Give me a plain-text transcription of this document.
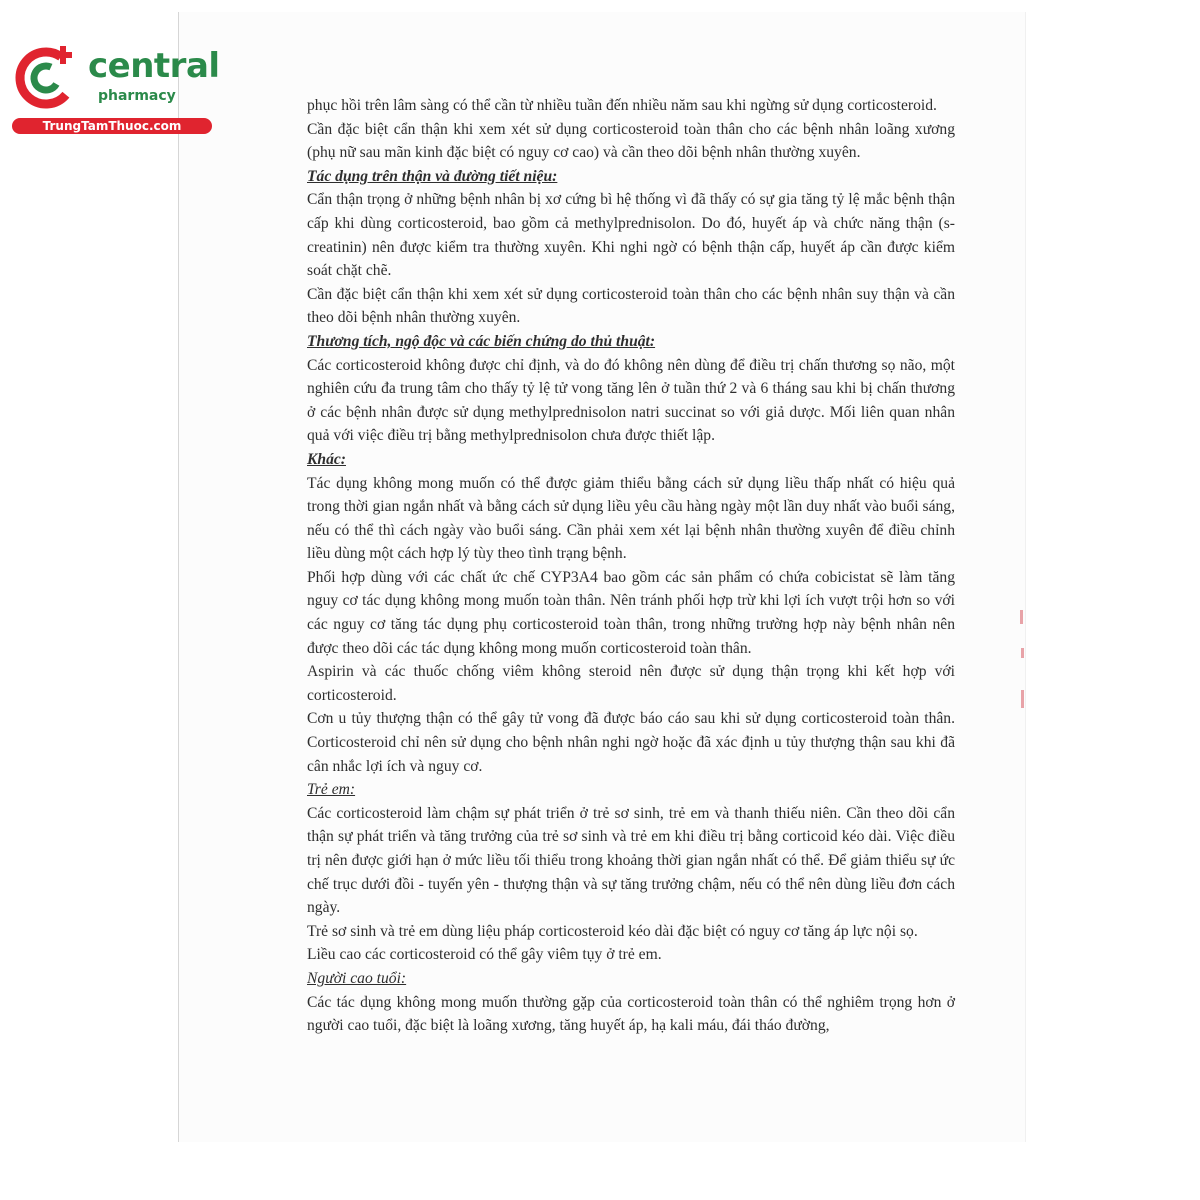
central
pharmacy
TrungTamThuoc.com

phục hồi trên lâm sàng có thể cần từ nhiều tuần đến nhiều năm sau khi ngừng sử dụng corticosteroid.

Cần đặc biệt cẩn thận khi xem xét sử dụng corticosteroid toàn thân cho các bệnh nhân loãng xương (phụ nữ sau mãn kinh đặc biệt có nguy cơ cao) và cần theo dõi bệnh nhân thường xuyên.

Tác dụng trên thận và đường tiết niệu:

Cẩn thận trọng ở những bệnh nhân bị xơ cứng bì hệ thống vì đã thấy có sự gia tăng tỷ lệ mắc bệnh thận cấp khi dùng corticosteroid, bao gồm cả methylprednisolon. Do đó, huyết áp và chức năng thận (s-creatinin) nên được kiểm tra thường xuyên. Khi nghi ngờ có bệnh thận cấp, huyết áp cần được kiểm soát chặt chẽ.

Cần đặc biệt cẩn thận khi xem xét sử dụng corticosteroid toàn thân cho các bệnh nhân suy thận và cần theo dõi bệnh nhân thường xuyên.

Thương tích, ngộ độc và các biến chứng do thủ thuật:

Các corticosteroid không được chỉ định, và do đó không nên dùng để điều trị chấn thương sọ não, một nghiên cứu đa trung tâm cho thấy tỷ lệ tử vong tăng lên ở tuần thứ 2 và 6 tháng sau khi bị chấn thương ở các bệnh nhân được sử dụng methylprednisolon natri succinat so với giả dược. Mối liên quan nhân quả với việc điều trị bằng methylprednisolon chưa được thiết lập.

Khác:

Tác dụng không mong muốn có thể được giảm thiểu bằng cách sử dụng liều thấp nhất có hiệu quả trong thời gian ngắn nhất và bằng cách sử dụng liều yêu cầu hàng ngày một lần duy nhất vào buổi sáng, nếu có thể thì cách ngày vào buổi sáng. Cần phải xem xét lại bệnh nhân thường xuyên để điều chỉnh liều dùng một cách hợp lý tùy theo tình trạng bệnh.

Phối hợp dùng với các chất ức chế CYP3A4 bao gồm các sản phẩm có chứa cobicistat sẽ làm tăng nguy cơ tác dụng không mong muốn toàn thân. Nên tránh phối hợp trừ khi lợi ích vượt trội hơn so với các nguy cơ tăng tác dụng phụ corticosteroid toàn thân, trong những trường hợp này bệnh nhân nên được theo dõi các tác dụng không mong muốn corticosteroid toàn thân.

Aspirin và các thuốc chống viêm không steroid nên được sử dụng thận trọng khi kết hợp với corticosteroid.

Cơn u tủy thượng thận có thể gây tử vong đã được báo cáo sau khi sử dụng corticosteroid toàn thân. Corticosteroid chỉ nên sử dụng cho bệnh nhân nghi ngờ hoặc đã xác định u tủy thượng thận sau khi đã cân nhắc lợi ích và nguy cơ.

Trẻ em:

Các corticosteroid làm chậm sự phát triển ở trẻ sơ sinh, trẻ em và thanh thiếu niên. Cần theo dõi cẩn thận sự phát triển và tăng trưởng của trẻ sơ sinh và trẻ em khi điều trị bằng corticoid kéo dài. Việc điều trị nên được giới hạn ở mức liều tối thiểu trong khoảng thời gian ngắn nhất có thể. Để giảm thiểu sự ức chế trục dưới đồi - tuyến yên - thượng thận và sự tăng trưởng chậm, nếu có thể nên dùng liều đơn cách ngày.

Trẻ sơ sinh và trẻ em dùng liệu pháp corticosteroid kéo dài đặc biệt có nguy cơ tăng áp lực nội sọ.

Liều cao các corticosteroid có thể gây viêm tụy ở trẻ em.

Người cao tuổi:

Các tác dụng không mong muốn thường gặp của corticosteroid toàn thân có thể nghiêm trọng hơn ở người cao tuổi, đặc biệt là loãng xương, tăng huyết áp, hạ kali máu, đái tháo đường,
